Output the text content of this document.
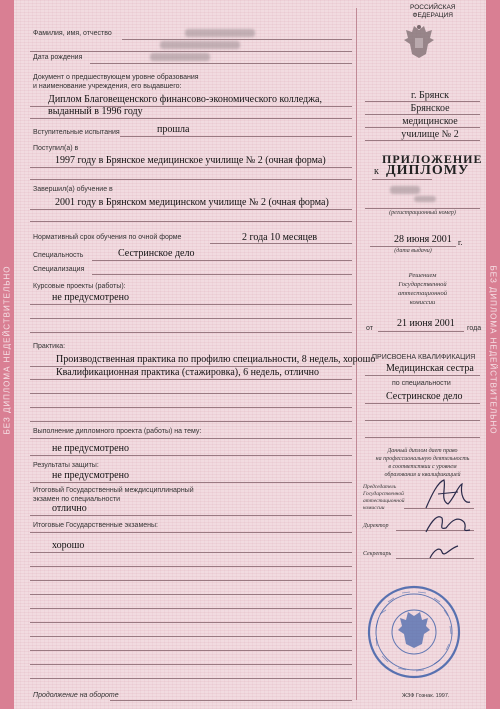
БЕЗ ДИПЛОМА НЕДЕЙСТВИТЕЛЬНО	БЕЗ ДИПЛОМА НЕДЕЙСТВИТЕЛЬНО
Фамилия, имя, отчество
Дата рождения
Документ о предшествующем уровне образования
и наименование учреждения, его выдавшего:
Диплом Благовещенского финансово-экономического колледжа,
выданный в 1996 году
Вступительные испытания	прошла
Поступил(а) в
1997 году в Брянское медицинское училище № 2 (очная форма)
Завершил(а) обучение в
2001 году в Брянском медицинском училище № 2 (очная форма)
Нормативный срок обучения по очной форме	2 года 10 месяцев
Специальность	Сестринское дело
Специализация
Курсовые проекты (работы):
не предусмотрено
Практика:
Производственная практика по профилю специальности, 8 недель, хорошо
Квалификационная практика (стажировка), 6 недель, отлично
Выполнение дипломного проекта (работы) на тему:
не предусмотрено
Результаты защиты:
не предусмотрено
Итоговый Государственный междисциплинарный
экзамен по специальности
отлично
Итоговые Государственные экзамены:
хорошо
Продолжение на обороте
РОССИЙСКАЯ
ФЕДЕРАЦИЯ
г. Брянск
Брянское
медицинское
училище № 2
ПРИЛОЖЕНИЕ
к ДИПЛОМУ
(регистрационный номер)
28 июня 2001 г.
(дата выдачи)
Решением
Государственной
аттестационной
комиссии
от 21 июня 2001 года
ПРИСВОЕНА КВАЛИФИКАЦИЯ
Медицинская сестра
по специальности
Сестринское дело
Данный диплом дает право
на профессиональную деятельность
в соответствии с уровнем
образования и квалификацией
Председатель
Государственной
аттестационной
комиссии
Директор
Секретарь
ЖЗФ Гознак. 1997.
